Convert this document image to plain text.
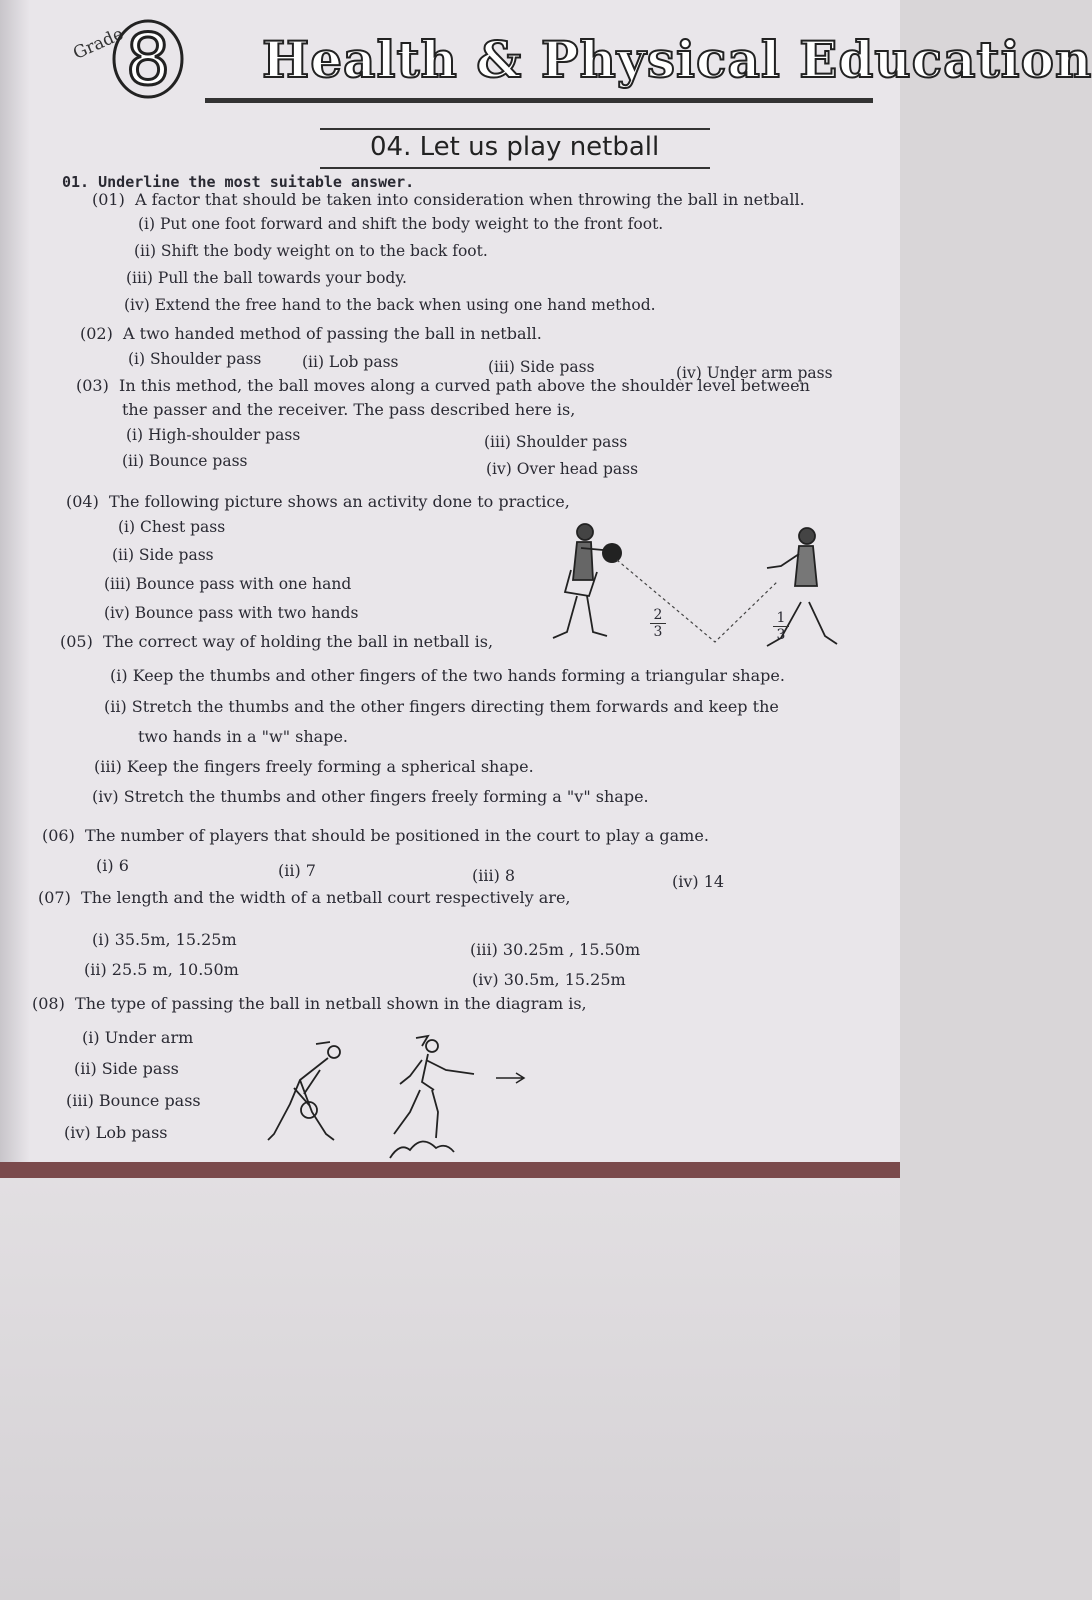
Grade 8 Health & Physical Education
04. Let us play netball
01. Underline the most suitable answer.
(01) A factor that should be taken into consideration when throwing the ball in netball.
(i) Put one foot forward and shift the body weight to the front foot.
(ii) Shift the body weight on to the back foot.
(iii) Pull the ball towards your body.
(iv) Extend the free hand to the back when using one hand method.
(02) A two handed method of passing the ball in netball.
(i) Shoulder pass	(ii) Lob pass	(iii) Side pass	(iv) Under arm pass
(03) In this method, the ball moves along a curved path above the shoulder level between
the passer and the receiver. The pass described here is,
(i) High-shoulder pass
(ii) Bounce pass
(iii) Shoulder pass
(iv) Over head pass
(04) The following picture shows an activity done to practice,
(i) Chest pass
(ii) Side pass
(iii) Bounce pass with one hand
(iv) Bounce pass with two hands	$\frac{2}{3}$	$\frac{1}{3}$
(05) The correct way of holding the ball in netball is,
(i) Keep the thumbs and other fingers of the two hands forming a triangular shape.
(ii) Stretch the thumbs and the other fingers directing them forwards and keep the
two hands in a "w" shape.
(iii) Keep the fingers freely forming a spherical shape.
(iv) Stretch the thumbs and other fingers freely forming a "v" shape.
(06) The number of players that should be positioned in the court to play a game.
(i) 6	(ii) 7	(iii) 8	(iv) 14
(07) The length and the width of a netball court respectively are,
(i) 35.5m, 15.25m
(ii) 25.5 m, 10.50m
(iii) 30.25m , 15.50m
(iv) 30.5m, 15.25m
(08) The type of passing the ball in netball shown in the diagram is,
(i) Under arm
(ii) Side pass
(iii) Bounce pass
(iv) Lob pass
